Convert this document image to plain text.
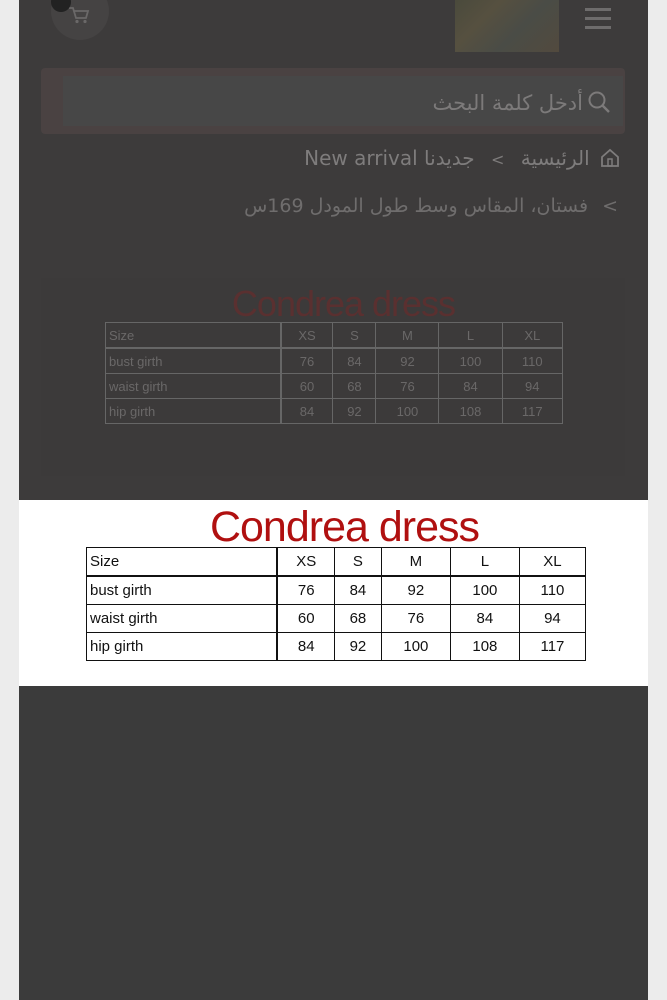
أدخل كلمة البحث
الرئيسية > جديدنا New arrival
> فستان، المقاس وسط طول المودل 169س
Condrea dress
Size	XS	S	M	L	XL
bust girth	76	84	92	100	110
waist girth	60	68	76	84	94
hip girth	84	92	100	108	117
Condrea dress
Size	XS	S	M	L	XL
bust girth	76	84	92	100	110
waist girth	60	68	76	84	94
hip girth	84	92	100	108	117
